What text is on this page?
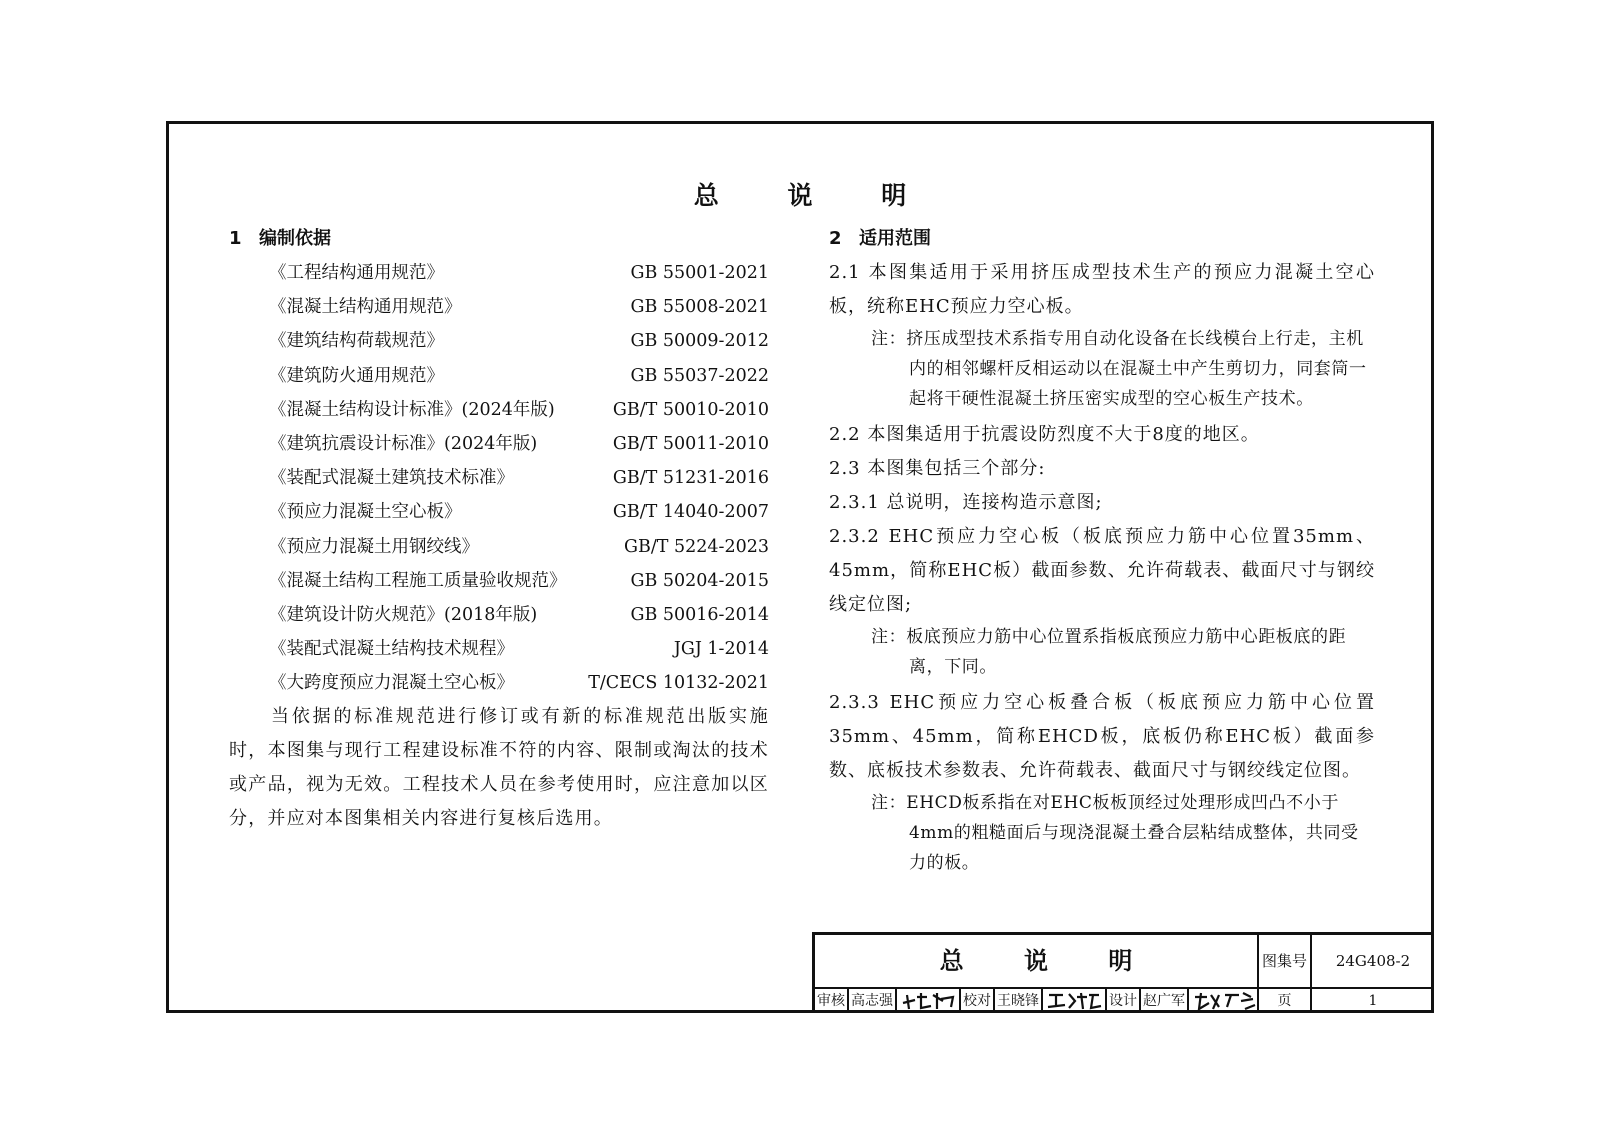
总 说 明
1 编制依据
《工程结构通用规范》	GB 55001-2021
《混凝土结构通用规范》	GB 55008-2021
《建筑结构荷载规范》	GB 50009-2012
《建筑防火通用规范》	GB 55037-2022
《混凝土结构设计标准》(2024年版)	GB/T 50010-2010
《建筑抗震设计标准》(2024年版)	GB/T 50011-2010
《装配式混凝土建筑技术标准》	GB/T 51231-2016
《预应力混凝土空心板》	GB/T 14040-2007
《预应力混凝土用钢绞线》	GB/T 5224-2023
《混凝土结构工程施工质量验收规范》	GB 50204-2015
《建筑设计防火规范》(2018年版)	GB 50016-2014
《装配式混凝土结构技术规程》	JGJ 1-2014
《大跨度预应力混凝土空心板》	T/CECS 10132-2021

当依据的标准规范进行修订或有新的标准规范出版实施时，本图集与现行工程建设标准不符的内容、限制或淘汰的技术或产品，视为无效。工程技术人员在参考使用时，应注意加以区分，并应对本图集相关内容进行复核后选用。

2 适用范围

2.1 本图集适用于采用挤压成型技术生产的预应力混凝土空心板，统称EHC预应力空心板。

注：挤压成型技术系指专用自动化设备在长线模台上行走，主机内的相邻螺杆反相运动以在混凝土中产生剪切力，同套筒一起将干硬性混凝土挤压密实成型的空心板生产技术。

2.2 本图集适用于抗震设防烈度不大于8度的地区。

2.3 本图集包括三个部分:

2.3.1 总说明，连接构造示意图;

2.3.2 EHC预应力空心板（板底预应力筋中心位置35mm、45mm，简称EHC板）截面参数、允许荷载表、截面尺寸与钢绞线定位图;

注：板底预应力筋中心位置系指板底预应力筋中心距板底的距离，下同。

2.3.3 EHC预应力空心板叠合板（板底预应力筋中心位置35mm、45mm，简称EHCD板，底板仍称EHC板）截面参数、底板技术参数表、允许荷载表、截面尺寸与钢绞线定位图。

注：EHCD板系指在对EHC板板顶经过处理形成凹凸不小于4mm的粗糙面后与现浇混凝土叠合层粘结成整体，共同受力的板。

总 说 明	图集号	24G408-2
审核 高志强	校对 王晓锋	设计 赵广军	页	1
